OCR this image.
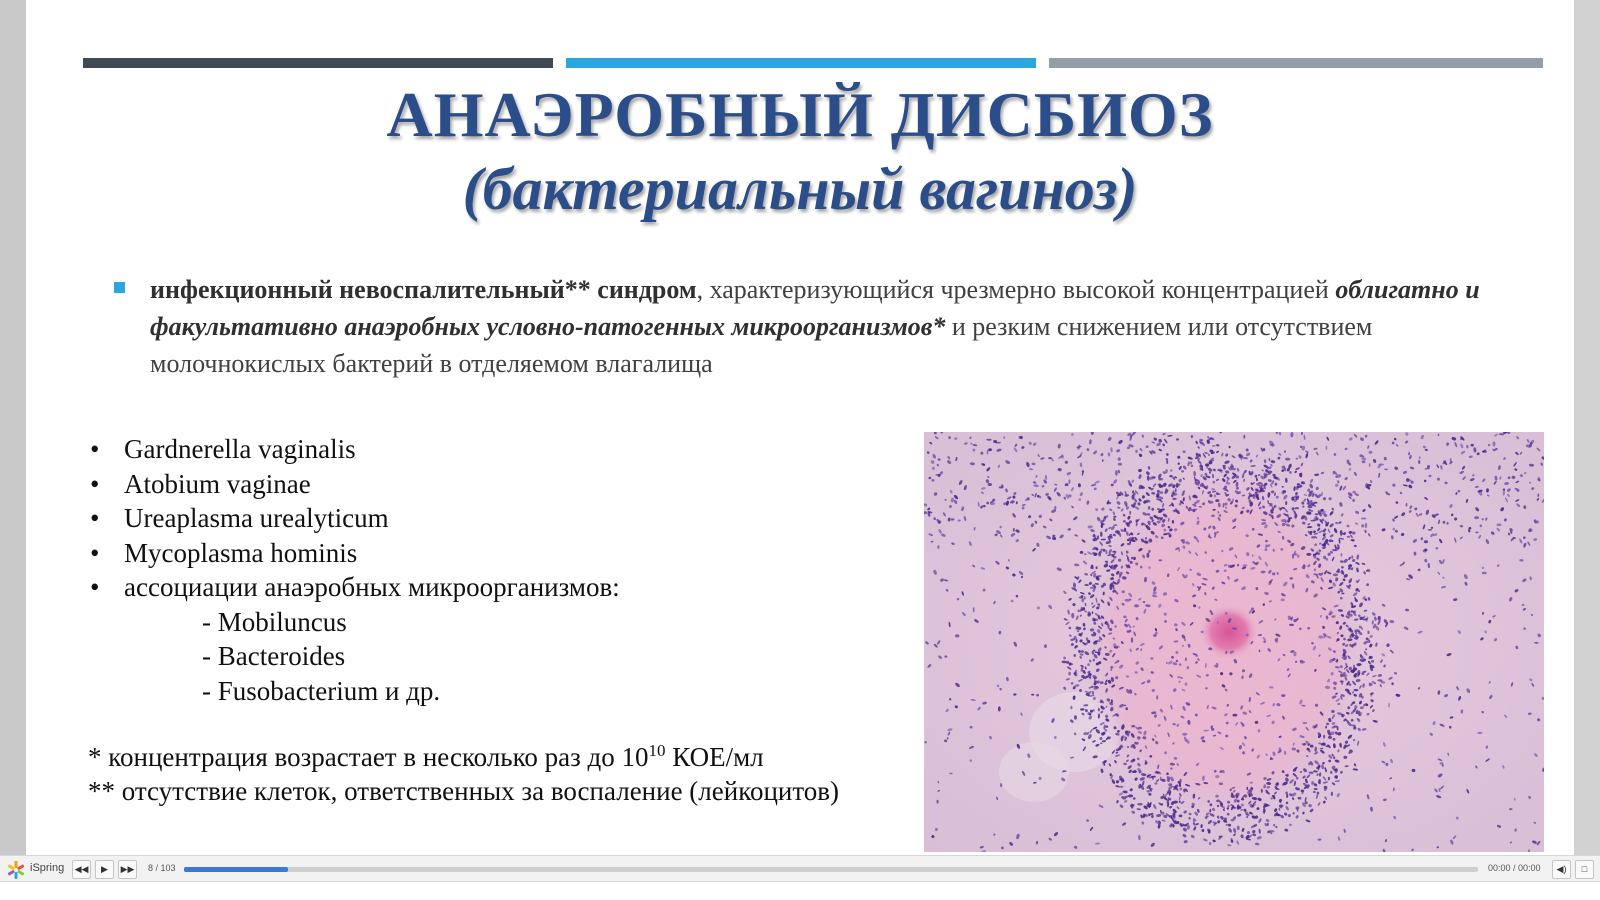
АНАЭРОБНЫЙ ДИСБИОЗ
(бактериальный вагиноз)
инфекционный невоспалительный** синдром, характеризующийся чрезмерно высокой концентрацией облигатно и факультативно анаэробных условно-патогенных микроорганизмов* и резким снижением или отсутствием молочнокислых бактерий в отделяемом влагалища
• Gardnerella vaginalis
• Atobium vaginae
• Ureaplasma urealyticum
• Mycoplasma hominis
• ассоциации анаэробных микроорганизмов:
- Mobiluncus
- Bacteroides
- Fusobacterium и др.
* концентрация возрастает в несколько раз до $10^{10}$ КОЕ/мл
** отсутствие клеток, ответственных за воспаление (лейкоцитов)
iSpring ◀◀	▶	▶▶ 8 / 103	00:00 / 00:00	◀)	□
